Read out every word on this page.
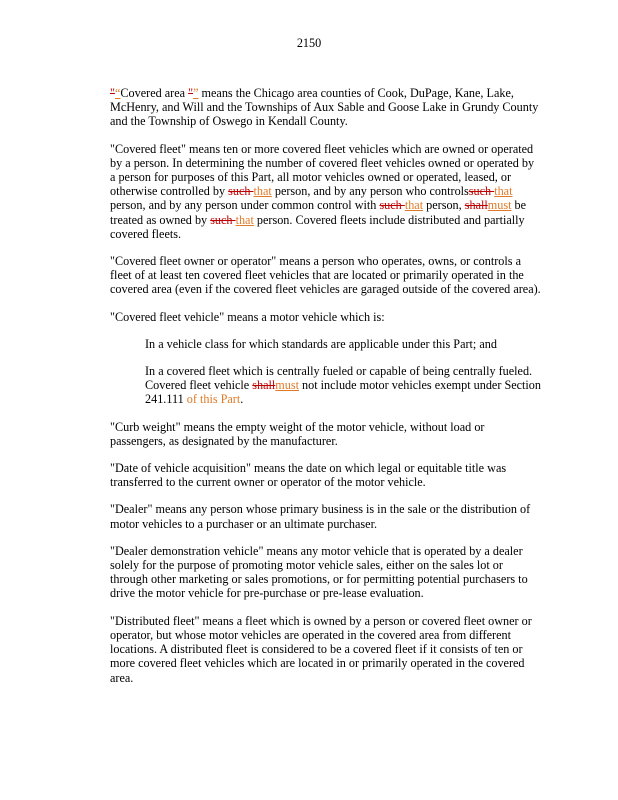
2150

"“Covered area "” means the Chicago area counties of Cook, DuPage, Kane, Lake, McHenry, and Will and the Townships of Aux Sable and Goose Lake in Grundy County and the Township of Oswego in Kendall County.

"Covered fleet" means ten or more covered fleet vehicles which are owned or operated by a person. In determining the number of covered fleet vehicles owned or operated by a person for purposes of this Part, all motor vehicles owned or operated, leased, or otherwise controlled by such that person, and by any person who controlssuch that person, and by any person under common control with such that person, shallmust be treated as owned by such that person. Covered fleets include distributed and partially covered fleets.

"Covered fleet owner or operator" means a person who operates, owns, or controls a fleet of at least ten covered fleet vehicles that are located or primarily operated in the covered area (even if the covered fleet vehicles are garaged outside of the covered area).

"Covered fleet vehicle" means a motor vehicle which is:

In a vehicle class for which standards are applicable under this Part; and

In a covered fleet which is centrally fueled or capable of being centrally fueled. Covered fleet vehicle shallmust not include motor vehicles exempt under Section 241.111 of this Part.

"Curb weight" means the empty weight of the motor vehicle, without load or passengers, as designated by the manufacturer.

"Date of vehicle acquisition" means the date on which legal or equitable title was transferred to the current owner or operator of the motor vehicle.

"Dealer" means any person whose primary business is in the sale or the distribution of motor vehicles to a purchaser or an ultimate purchaser.

"Dealer demonstration vehicle" means any motor vehicle that is operated by a dealer solely for the purpose of promoting motor vehicle sales, either on the sales lot or through other marketing or sales promotions, or for permitting potential purchasers to drive the motor vehicle for pre-purchase or pre-lease evaluation.

"Distributed fleet" means a fleet which is owned by a person or covered fleet owner or operator, but whose motor vehicles are operated in the covered area from different locations. A distributed fleet is considered to be a covered fleet if it consists of ten or more covered fleet vehicles which are located in or primarily operated in the covered area.
